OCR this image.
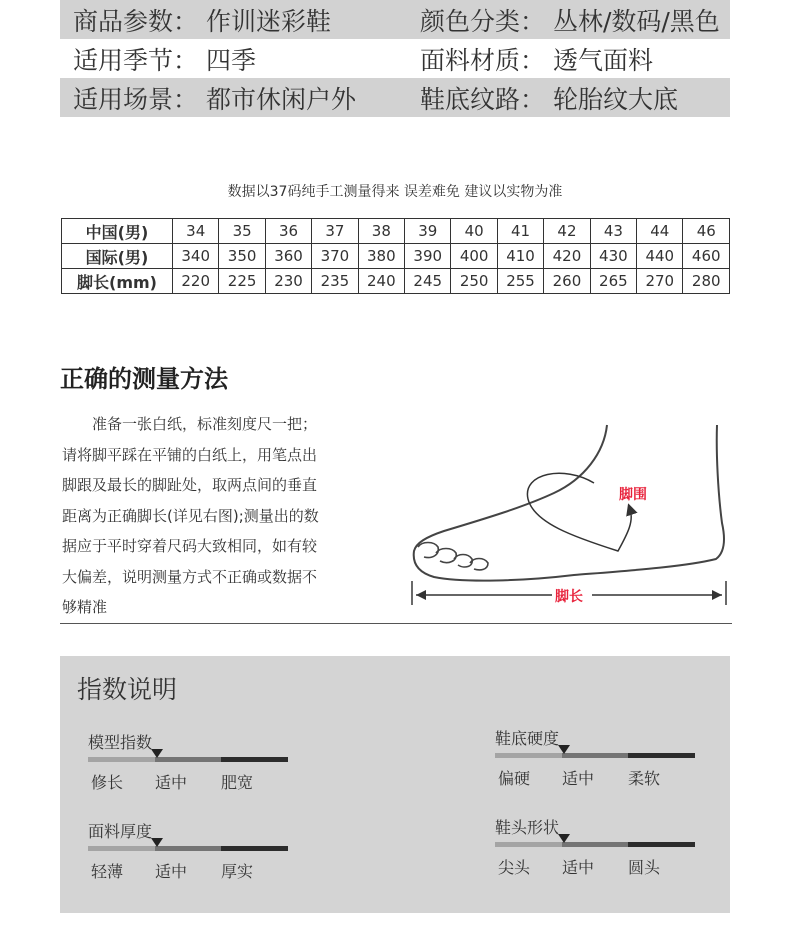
商品参数： 作训迷彩鞋	颜色分类： 丛林/数码/黑色
适用季节： 四季	面料材质： 透气面料
适用场景： 都市休闲户外	鞋底纹路： 轮胎纹大底
数据以37码纯手工测量得来 误差难免 建议以实物为准
中国(男)	34	35	36	37	38	39	40	41	42	43	44	46
国际(男)	340	350	360	370	380	390	400	410	420	430	440	460
脚长(mm)	220	225	230	235	240	245	250	255	260	265	270	280
正确的测量方法
准备一张白纸，标准刻度尺一把；
请将脚平踩在平铺的白纸上，用笔点出
脚跟及最长的脚趾处，取两点间的垂直
距离为正确脚长(详见右图);测量出的数
据应于平时穿着尺码大致相同，如有较
大偏差，说明测量方式不正确或数据不
够精准
脚围
脚长
指数说明
模型指数
修长 适中 肥宽
面料厚度
轻薄 适中 厚实
鞋底硬度
偏硬 适中 柔软
鞋头形状
尖头 适中 圆头
